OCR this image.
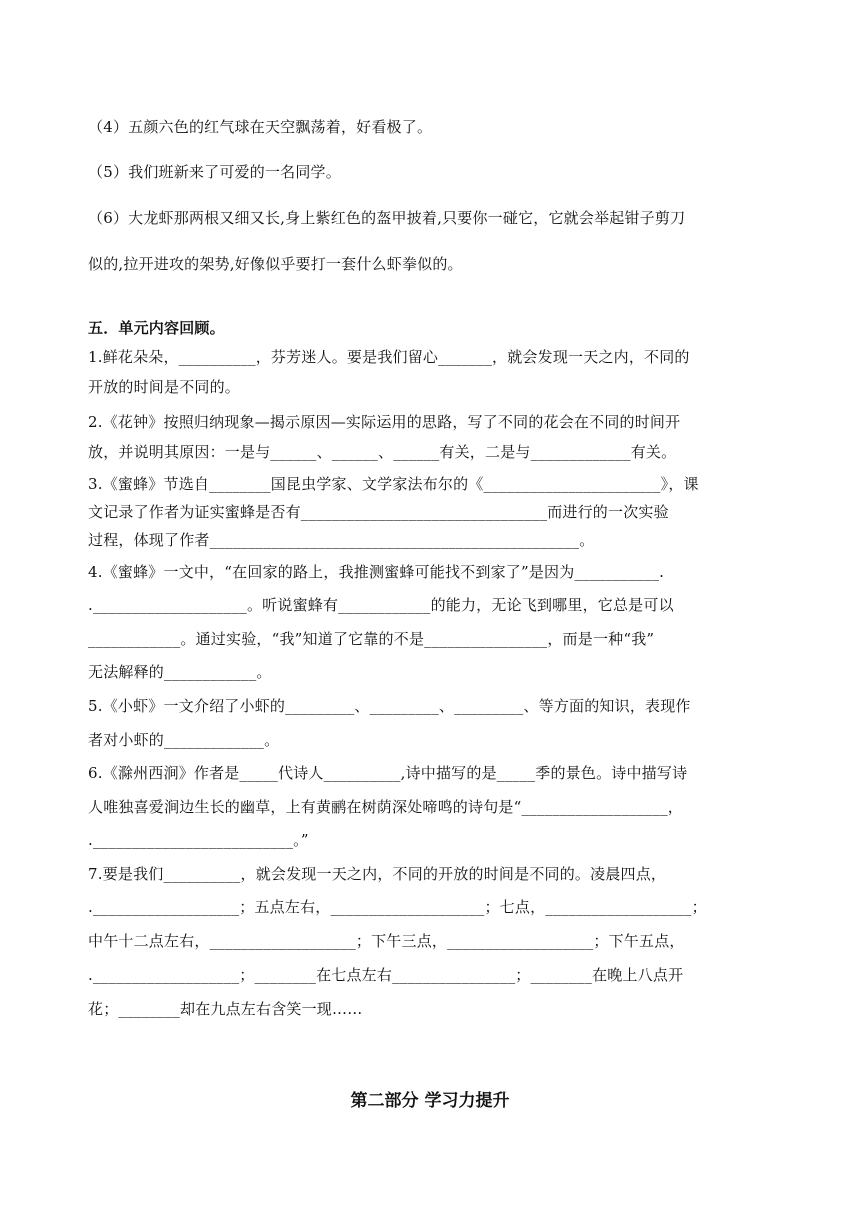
（4）五颜六色的红气球在天空飘荡着，好看极了。
（5）我们班新来了可爱的一名同学。
（6）大龙虾那两根又细又长,身上紫红色的盔甲披着,只要你一碰它，它就会举起钳子剪刀
似的,拉开进攻的架势,好像似乎要打一套什么虾拳似的。
五．单元内容回顾。
1.鲜花朵朵，__________，芬芳迷人。要是我们留心_______，就会发现一天之内，不同的
开放的时间是不同的。
2.《花钟》按照归纳现象—揭示原因—实际运用的思路，写了不同的花会在不同的时间开
放，并说明其原因：一是与______、______、______有关，二是与_____________有关。
3.《蜜蜂》节选自________国昆虫学家、文学家法布尔的《_______________________》，课
文记录了作者为证实蜜蜂是否有________________________________而进行的一次实验
过程，体现了作者________________________________________________。
4.《蜜蜂》一文中，“在回家的路上，我推测蜜蜂可能找不到家了”是因为___________.
.____________________。听说蜜蜂有____________的能力，无论飞到哪里，它总是可以
____________。通过实验，“我”知道了它靠的不是________________，而是一种“我”
无法解释的____________。
5.《小虾》一文介绍了小虾的_________、_________、_________、等方面的知识，表现作
者对小虾的_____________。
6.《滁州西涧》作者是_____代诗人__________,诗中描写的是_____季的景色。诗中描写诗
人唯独喜爱涧边生长的幽草，上有黄鹂在树荫深处啼鸣的诗句是“___________________，
.__________________________。”
7.要是我们__________，就会发现一天之内，不同的开放的时间是不同的。凌晨四点，
.___________________；五点左右，____________________；七点，___________________；
中午十二点左右，___________________；下午三点，___________________；下午五点，
.___________________；________在七点左右________________；________在晚上八点开
花；________却在九点左右含笑一现……
第二部分 学习力提升
